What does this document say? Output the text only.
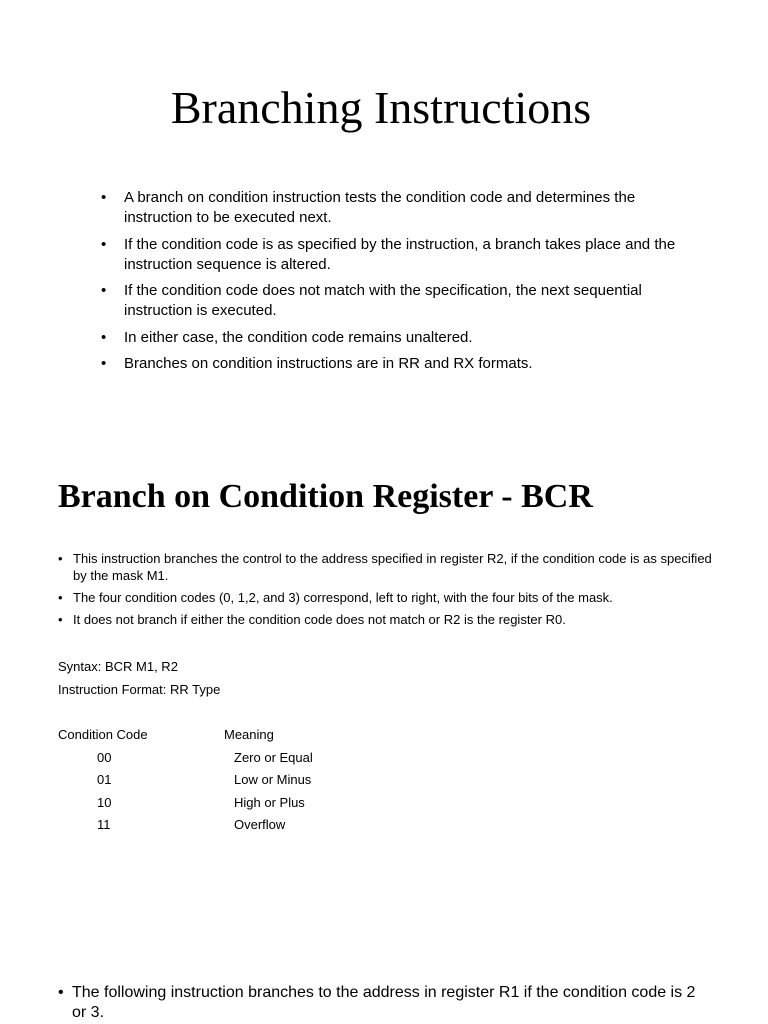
Branching Instructions
• A branch on condition instruction tests the condition code and determines the instruction to be executed next.
• If the condition code is as specified by the instruction, a branch takes place and the instruction sequence is altered.
• If the condition code does not match with the specification, the next sequential instruction is executed.
• In either case, the condition code remains unaltered.
• Branches on condition instructions are in RR and RX formats.
Branch on Condition Register - BCR
• This instruction branches the control to the address specified in register R2, if the condition code is as specified by the mask M1.
• The four condition codes (0, 1,2, and 3) correspond, left to right, with the four bits of the mask.
• It does not branch if either the condition code does not match or R2 is the register R0.
Syntax: BCR M1, R2
Instruction Format: RR Type
Condition Code	Meaning
00	Zero or Equal
01	Low or Minus
10	High or Plus
11	Overflow
• The following instruction branches to the address in register R1 if the condition code is 2 or 3.
